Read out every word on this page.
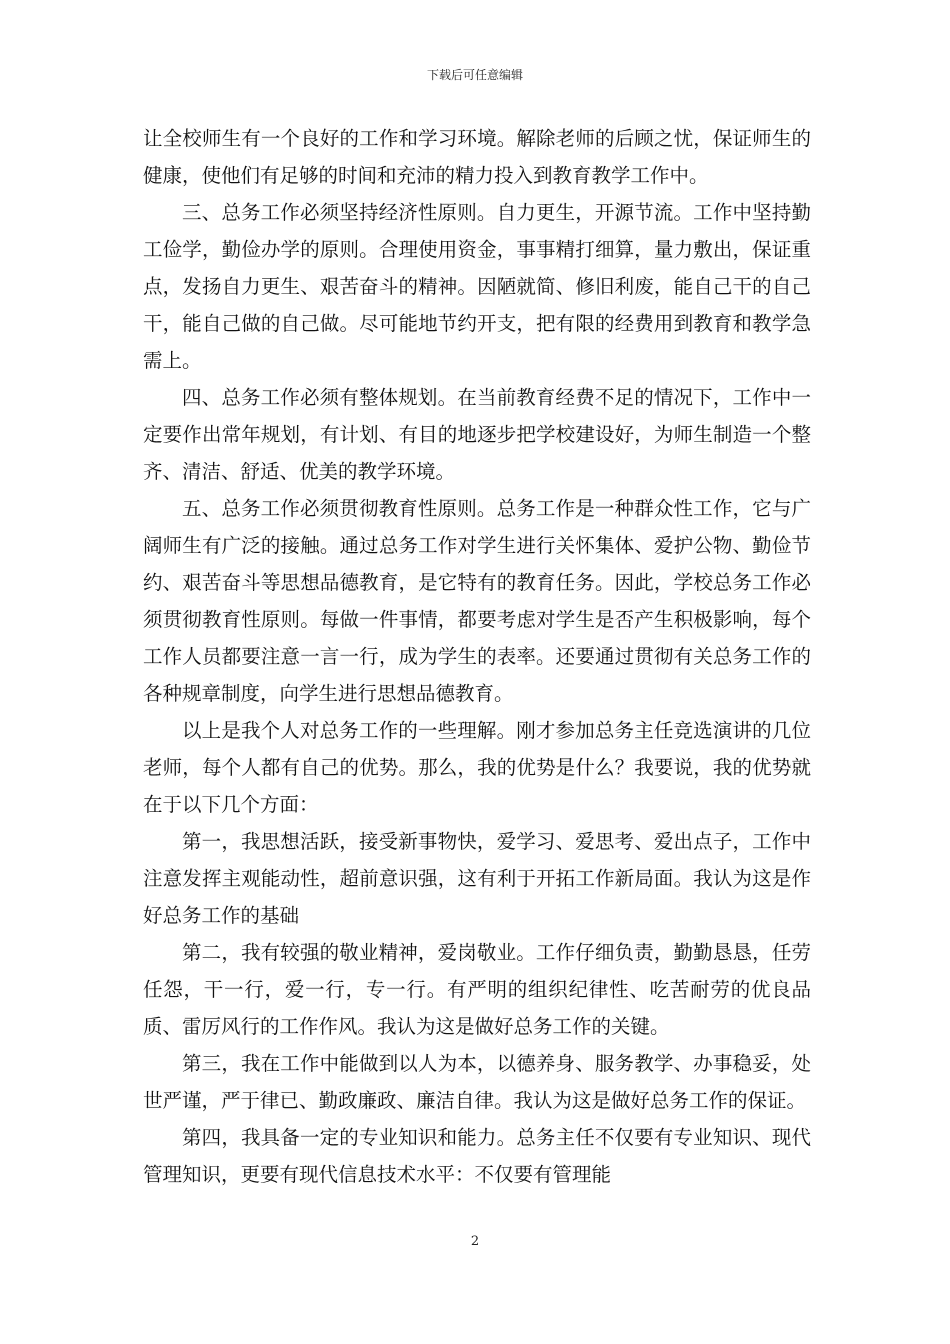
下载后可任意编辑

让全校师生有一个良好的工作和学习环境。解除老师的后顾之忧，保证师生的健康，使他们有足够的时间和充沛的精力投入到教育教学工作中。

三、总务工作必须坚持经济性原则。自力更生，开源节流。工作中坚持勤工俭学，勤俭办学的原则。合理使用资金，事事精打细算，量力敷出，保证重点，发扬自力更生、艰苦奋斗的精神。因陋就简、修旧利废，能自己干的自己干，能自己做的自己做。尽可能地节约开支，把有限的经费用到教育和教学急需上。

四、总务工作必须有整体规划。在当前教育经费不足的情况下，工作中一定要作出常年规划，有计划、有目的地逐步把学校建设好，为师生制造一个整齐、清洁、舒适、优美的教学环境。

五、总务工作必须贯彻教育性原则。总务工作是一种群众性工作，它与广阔师生有广泛的接触。通过总务工作对学生进行关怀集体、爱护公物、勤俭节约、艰苦奋斗等思想品德教育，是它特有的教育任务。因此，学校总务工作必须贯彻教育性原则。每做一件事情，都要考虑对学生是否产生积极影响，每个工作人员都要注意一言一行，成为学生的表率。还要通过贯彻有关总务工作的各种规章制度，向学生进行思想品德教育。

以上是我个人对总务工作的一些理解。刚才参加总务主任竞选演讲的几位老师，每个人都有自己的优势。那么，我的优势是什么？我要说，我的优势就在于以下几个方面：

第一，我思想活跃，接受新事物快，爱学习、爱思考、爱出点子，工作中注意发挥主观能动性，超前意识强，这有利于开拓工作新局面。我认为这是作好总务工作的基础

第二，我有较强的敬业精神，爱岗敬业。工作仔细负责，勤勤恳恳，任劳任怨，干一行，爱一行，专一行。有严明的组织纪律性、吃苦耐劳的优良品质、雷厉风行的工作作风。我认为这是做好总务工作的关键。

第三，我在工作中能做到以人为本，以德养身、服务教学、办事稳妥，处世严谨，严于律已、勤政廉政、廉洁自律。我认为这是做好总务工作的保证。

第四，我具备一定的专业知识和能力。总务主任不仅要有专业知识、现代管理知识，更要有现代信息技术水平：不仅要有管理能

2
